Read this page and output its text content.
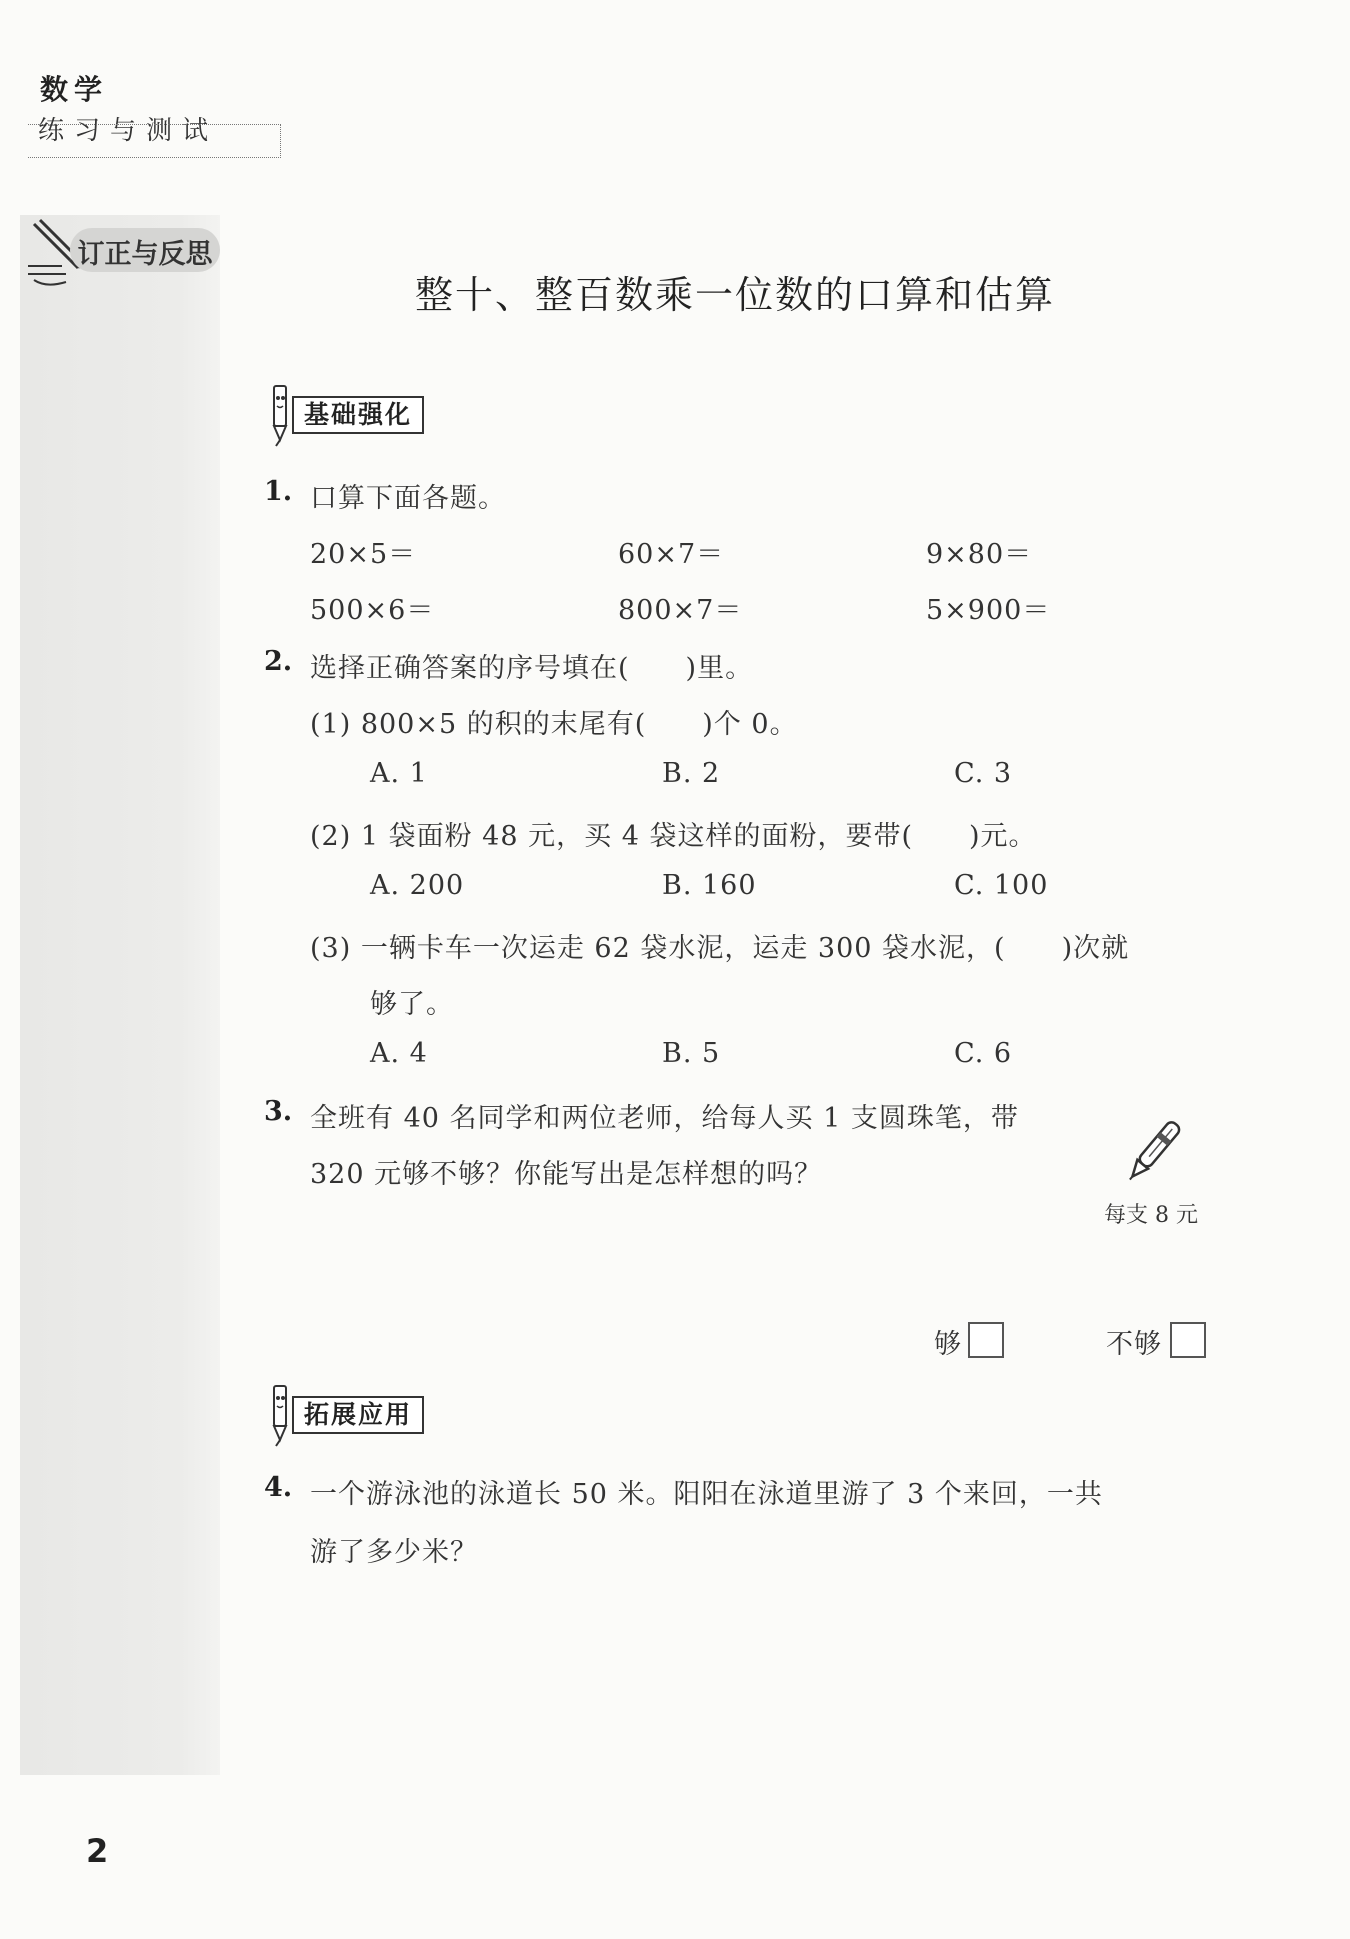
数学
练习与测试
订正与反思
整十、整百数乘一位数的口算和估算
基础强化
1. 口算下面各题。
20×5＝	60×7＝	9×80＝
500×6＝	800×7＝	5×900＝
2. 选择正确答案的序号填在(　　)里。
(1) 800×5 的积的末尾有(　　)个 0。
A. 1	B. 2	C. 3
(2) 1 袋面粉 48 元，买 4 袋这样的面粉，要带(　　)元。
A. 200	B. 160	C. 100
(3) 一辆卡车一次运走 62 袋水泥，运走 300 袋水泥，(　　)次就
够了。
A. 4	B. 5	C. 6
3. 全班有 40 名同学和两位老师，给每人买 1 支圆珠笔，带
320 元够不够？你能写出是怎样想的吗？
每支 8 元
够	不够
拓展应用
4. 一个游泳池的泳道长 50 米。阳阳在泳道里游了 3 个来回，一共
游了多少米？
2
